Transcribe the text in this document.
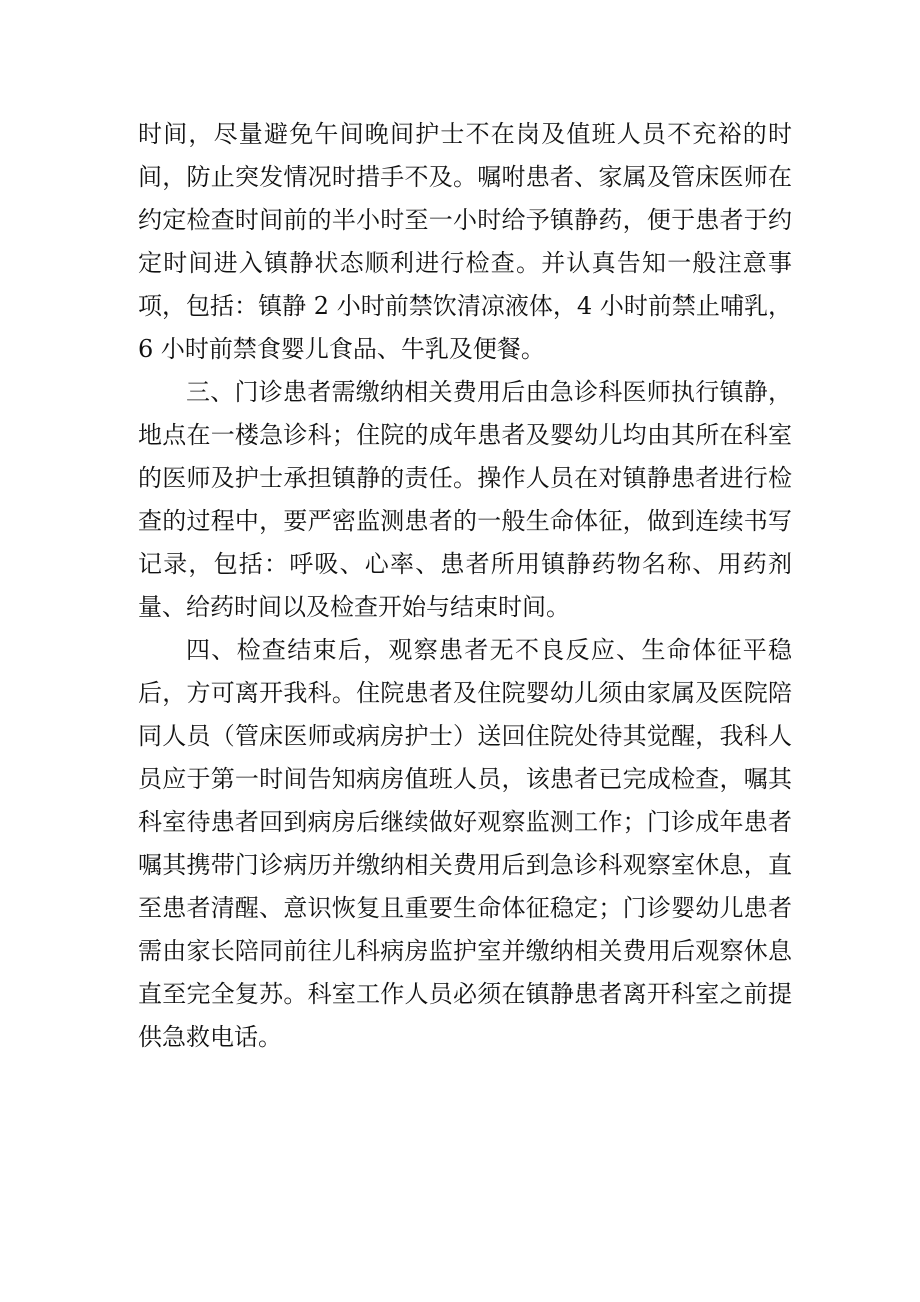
时间，尽量避免午间晚间护士不在岗及值班人员不充裕的时间，防止突发情况时措手不及。嘱咐患者、家属及管床医师在约定检查时间前的半小时至一小时给予镇静药，便于患者于约定时间进入镇静状态顺利进行检查。并认真告知一般注意事项，包括：镇静 2 小时前禁饮清凉液体，4 小时前禁止哺乳，6 小时前禁食婴儿食品、牛乳及便餐。

三、门诊患者需缴纳相关费用后由急诊科医师执行镇静，地点在一楼急诊科；住院的成年患者及婴幼儿均由其所在科室的医师及护士承担镇静的责任。操作人员在对镇静患者进行检查的过程中，要严密监测患者的一般生命体征，做到连续书写记录，包括：呼吸、心率、患者所用镇静药物名称、用药剂量、给药时间以及检查开始与结束时间。

四、检查结束后，观察患者无不良反应、生命体征平稳后，方可离开我科。住院患者及住院婴幼儿须由家属及医院陪同人员（管床医师或病房护士）送回住院处待其觉醒，我科人员应于第一时间告知病房值班人员，该患者已完成检查，嘱其科室待患者回到病房后继续做好观察监测工作；门诊成年患者嘱其携带门诊病历并缴纳相关费用后到急诊科观察室休息，直至患者清醒、意识恢复且重要生命体征稳定；门诊婴幼儿患者需由家长陪同前往儿科病房监护室并缴纳相关费用后观察休息直至完全复苏。科室工作人员必须在镇静患者离开科室之前提供急救电话。
